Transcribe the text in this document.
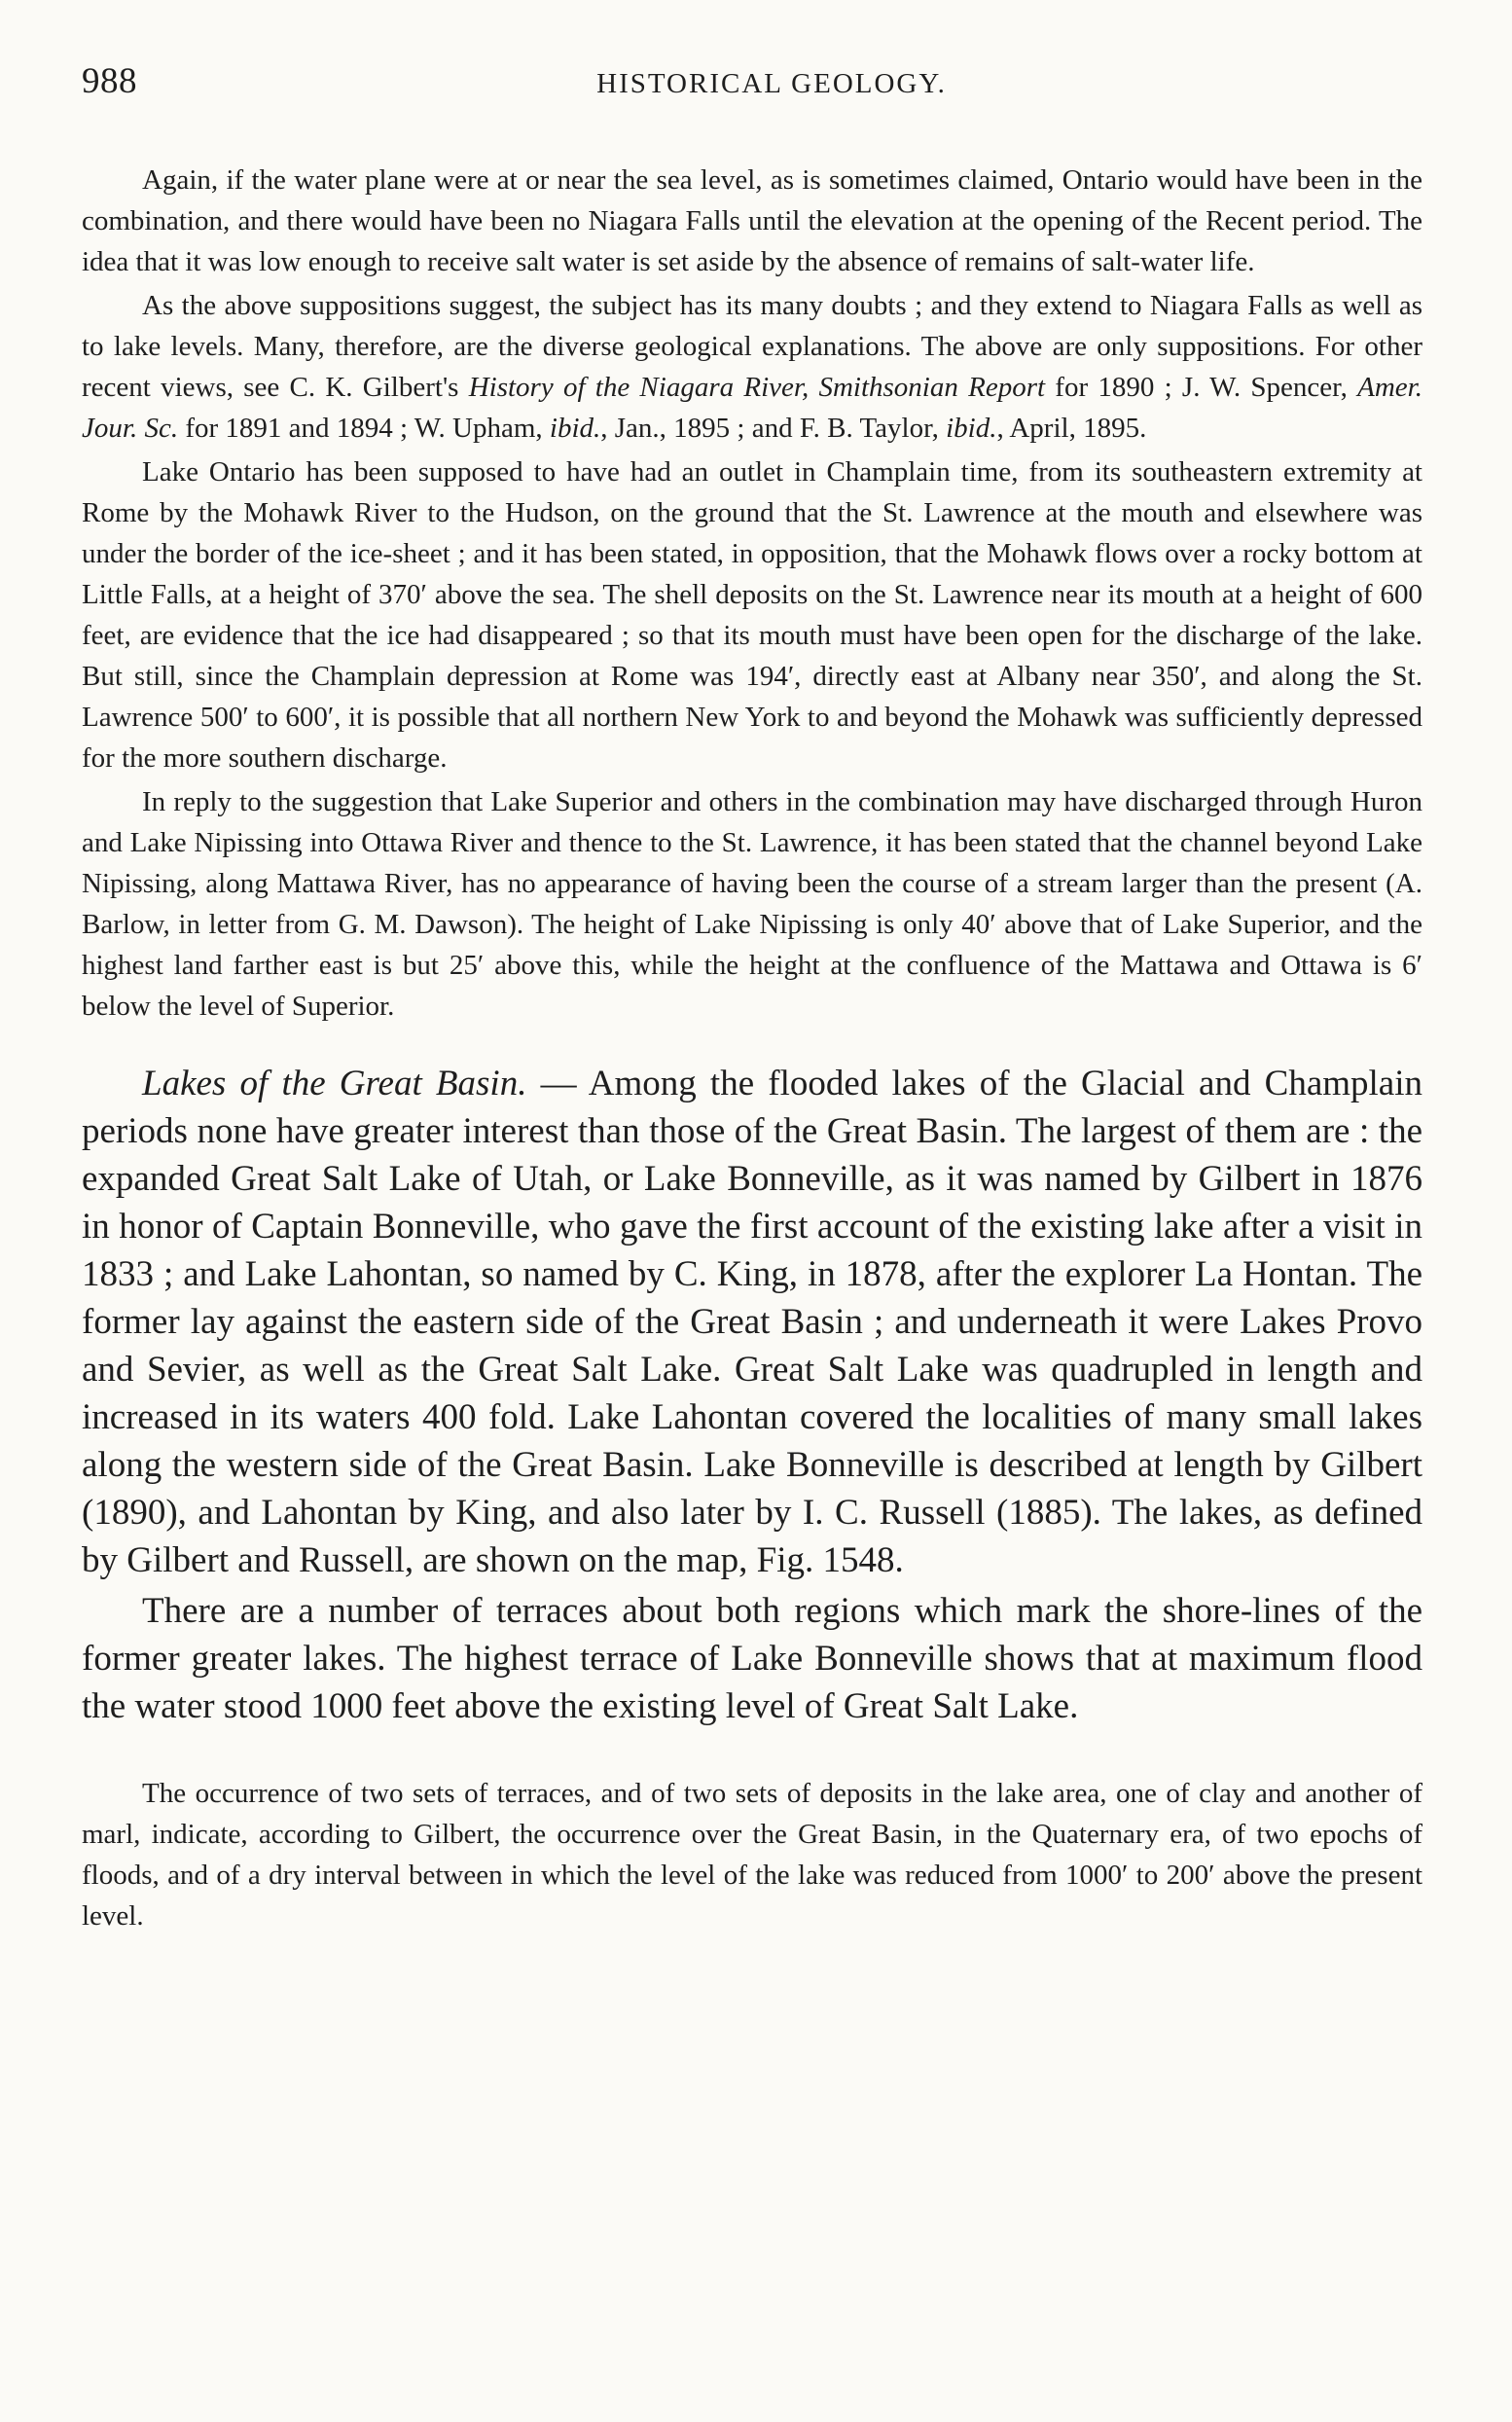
988	HISTORICAL GEOLOGY.

Again, if the water plane were at or near the sea level, as is sometimes claimed, Ontario would have been in the combination, and there would have been no Niagara Falls until the elevation at the opening of the Recent period. The idea that it was low enough to receive salt water is set aside by the absence of remains of salt-water life.

As the above suppositions suggest, the subject has its many doubts ; and they extend to Niagara Falls as well as to lake levels. Many, therefore, are the diverse geological explanations. The above are only suppositions. For other recent views, see C. K. Gilbert's History of the Niagara River, Smithsonian Report for 1890 ; J. W. Spencer, Amer. Jour. Sc. for 1891 and 1894 ; W. Upham, ibid., Jan., 1895 ; and F. B. Taylor, ibid., April, 1895.

Lake Ontario has been supposed to have had an outlet in Champlain time, from its southeastern extremity at Rome by the Mohawk River to the Hudson, on the ground that the St. Lawrence at the mouth and elsewhere was under the border of the ice-sheet ; and it has been stated, in opposition, that the Mohawk flows over a rocky bottom at Little Falls, at a height of 370′ above the sea. The shell deposits on the St. Lawrence near its mouth at a height of 600 feet, are evidence that the ice had disappeared ; so that its mouth must have been open for the discharge of the lake. But still, since the Champlain depression at Rome was 194′, directly east at Albany near 350′, and along the St. Lawrence 500′ to 600′, it is possible that all northern New York to and beyond the Mohawk was sufficiently depressed for the more southern discharge.

In reply to the suggestion that Lake Superior and others in the combination may have discharged through Huron and Lake Nipissing into Ottawa River and thence to the St. Lawrence, it has been stated that the channel beyond Lake Nipissing, along Mattawa River, has no appearance of having been the course of a stream larger than the present (A. Barlow, in letter from G. M. Dawson). The height of Lake Nipissing is only 40′ above that of Lake Superior, and the highest land farther east is but 25′ above this, while the height at the confluence of the Mattawa and Ottawa is 6′ below the level of Superior.

Lakes of the Great Basin. — Among the flooded lakes of the Glacial and Champlain periods none have greater interest than those of the Great Basin. The largest of them are : the expanded Great Salt Lake of Utah, or Lake Bonneville, as it was named by Gilbert in 1876 in honor of Captain Bonneville, who gave the first account of the existing lake after a visit in 1833 ; and Lake Lahontan, so named by C. King, in 1878, after the explorer La Hontan. The former lay against the eastern side of the Great Basin ; and underneath it were Lakes Provo and Sevier, as well as the Great Salt Lake. Great Salt Lake was quadrupled in length and increased in its waters 400 fold. Lake Lahontan covered the localities of many small lakes along the western side of the Great Basin. Lake Bonneville is described at length by Gilbert (1890), and Lahontan by King, and also later by I. C. Russell (1885). The lakes, as defined by Gilbert and Russell, are shown on the map, Fig. 1548.

There are a number of terraces about both regions which mark the shore-lines of the former greater lakes. The highest terrace of Lake Bonneville shows that at maximum flood the water stood 1000 feet above the existing level of Great Salt Lake.

The occurrence of two sets of terraces, and of two sets of deposits in the lake area, one of clay and another of marl, indicate, according to Gilbert, the occurrence over the Great Basin, in the Quaternary era, of two epochs of floods, and of a dry interval between in which the level of the lake was reduced from 1000′ to 200′ above the present level.
